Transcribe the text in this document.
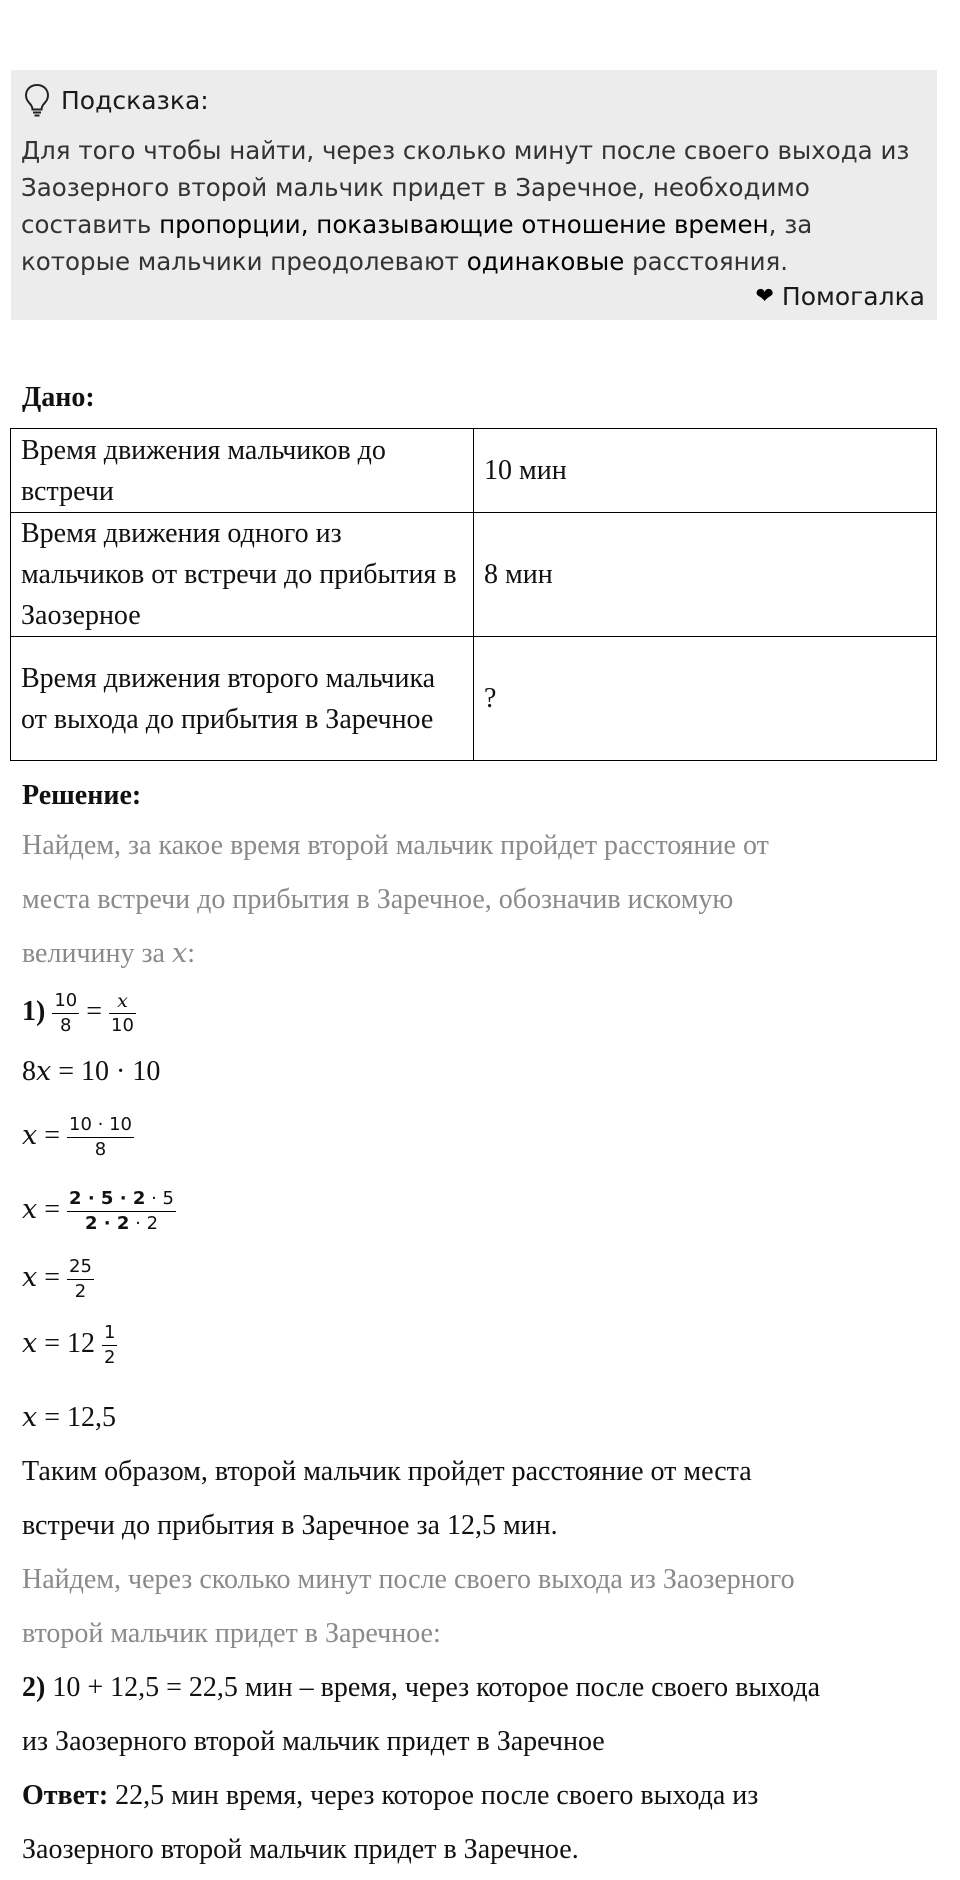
Подсказка:
Для того чтобы найти, через сколько минут после своего выхода из Заозерного второй мальчик придет в Заречное, необходимо составить пропорции, показывающие отношение времен, за которые мальчики преодолевают одинаковые расстояния.
❤ Помогалка
Дано:
Время движения мальчиков до встречи	10 мин
Время движения одного из мальчиков от встречи до прибытия в Заозерное	8 мин
Время движения второго мальчика от выхода до прибытия в Заречное	?
Решение:
Найдем, за какое время второй мальчик пройдет расстояние от
места встречи до прибытия в Заречное, обозначив искомую
величину за x:
$1) \frac{10}{8} = \frac{x}{10}$
8x = 10 · 10
$x = \frac{10 \cdot 10}{8}$
$x = \frac{2 \cdot 5 \cdot 2 \cdot 5}{2 \cdot 2 \cdot 2}$
$x = \frac{25}{2}$
$x = 12 \frac{1}{2}$
x = 12,5
Таким образом, второй мальчик пройдет расстояние от места
встречи до прибытия в Заречное за 12,5 мин.
Найдем, через сколько минут после своего выхода из Заозерного
второй мальчик придет в Заречное:
2) 10 + 12,5 = 22,5 мин – время, через которое после своего выхода
из Заозерного второй мальчик придет в Заречное
Ответ: 22,5 мин время, через которое после своего выхода из
Заозерного второй мальчик придет в Заречное.
